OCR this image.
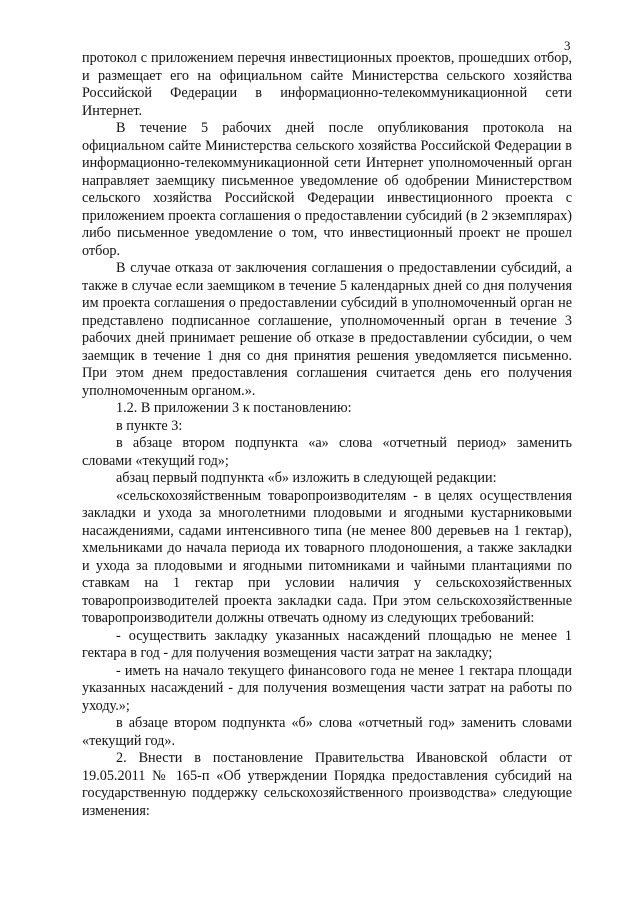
3

протокол с приложением перечня инвестиционных проектов, прошедших отбор, и размещает его на официальном сайте Министерства сельского хозяйства Российской Федерации в информационно-телекоммуникационной сети Интернет.

В течение 5 рабочих дней после опубликования протокола на официальном сайте Министерства сельского хозяйства Российской Федерации в информационно-телекоммуникационной сети Интернет уполномоченный орган направляет заемщику письменное уведомление об одобрении Министерством сельского хозяйства Российской Федерации инвестиционного проекта с приложением проекта соглашения о предоставлении субсидий (в 2 экземплярах) либо письменное уведомление о том, что инвестиционный проект не прошел отбор.

В случае отказа от заключения соглашения о предоставлении субсидий, а также в случае если заемщиком в течение 5 календарных дней со дня получения им проекта соглашения о предоставлении субсидий в уполномоченный орган не представлено подписанное соглашение, уполномоченный орган в течение 3 рабочих дней принимает решение об отказе в предоставлении субсидии, о чем заемщик в течение 1 дня со дня принятия решения уведомляется письменно. При этом днем предоставления соглашения считается день его получения уполномоченным органом.».

1.2. В приложении 3 к постановлению:

в пункте 3:

в абзаце втором подпункта «а» слова «отчетный период» заменить словами «текущий год»;

абзац первый подпункта «б» изложить в следующей редакции:

«сельскохозяйственным товаропроизводителям - в целях осуществления закладки и ухода за многолетними плодовыми и ягодными кустарниковыми насаждениями, садами интенсивного типа (не менее 800 деревьев на 1 гектар), хмельниками до начала периода их товарного плодоношения, а также закладки и ухода за плодовыми и ягодными питомниками и чайными плантациями по ставкам на 1 гектар при условии наличия у сельскохозяйственных товаропроизводителей проекта закладки сада. При этом сельскохозяйственные товаропроизводители должны отвечать одному из следующих требований:

- осуществить закладку указанных насаждений площадью не менее 1 гектара в год - для получения возмещения части затрат на закладку;

- иметь на начало текущего финансового года не менее 1 гектара площади указанных насаждений - для получения возмещения части затрат на работы по уходу.»;

в абзаце втором подпункта «б» слова «отчетный год» заменить словами «текущий год».

2. Внести в постановление Правительства Ивановской области от 19.05.2011 № 165-п «Об утверждении Порядка предоставления субсидий на государственную поддержку сельскохозяйственного производства» следующие изменения:
